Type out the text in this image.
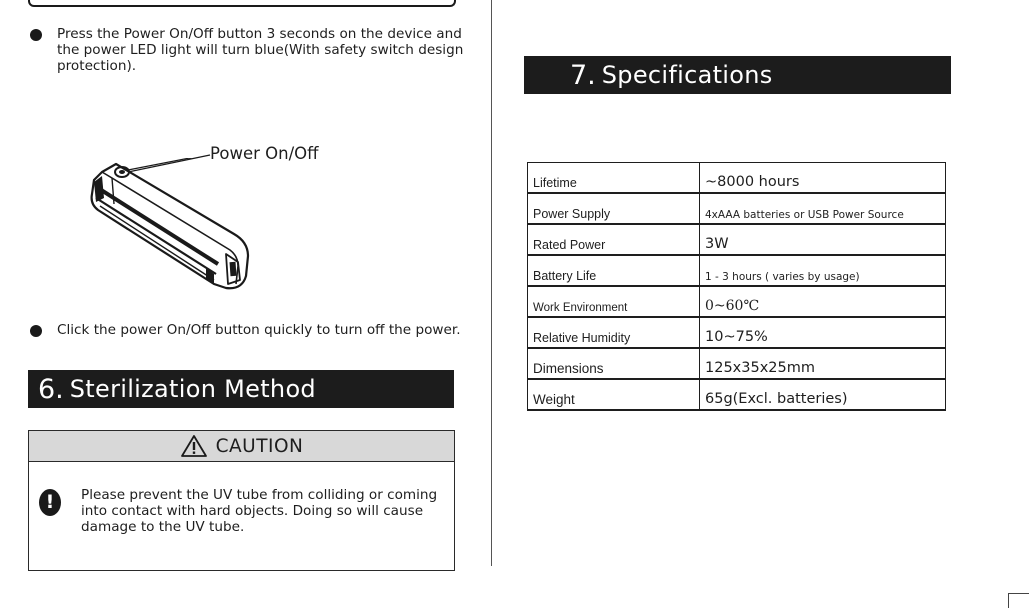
Press the Power On/Off button 3 seconds on the device and the power LED light will turn blue(With safety switch design protection).
Power On/Off
Click the power On/Off button quickly to turn off the power.
6. Sterilization Method
CAUTION
!	Please prevent the UV tube from colliding or coming into contact with hard objects. Doing so will cause damage to the UV tube.
7. Specifications
Lifetime	~8000 hours
Power Supply	4xAAA batteries or USB Power Source
Rated Power	3W
Battery Life	1 - 3 hours ( varies by usage)
Work Environment	0~60℃
Relative Humidity	10~75%
Dimensions	125x35x25mm
Weight	65g(Excl. batteries)
